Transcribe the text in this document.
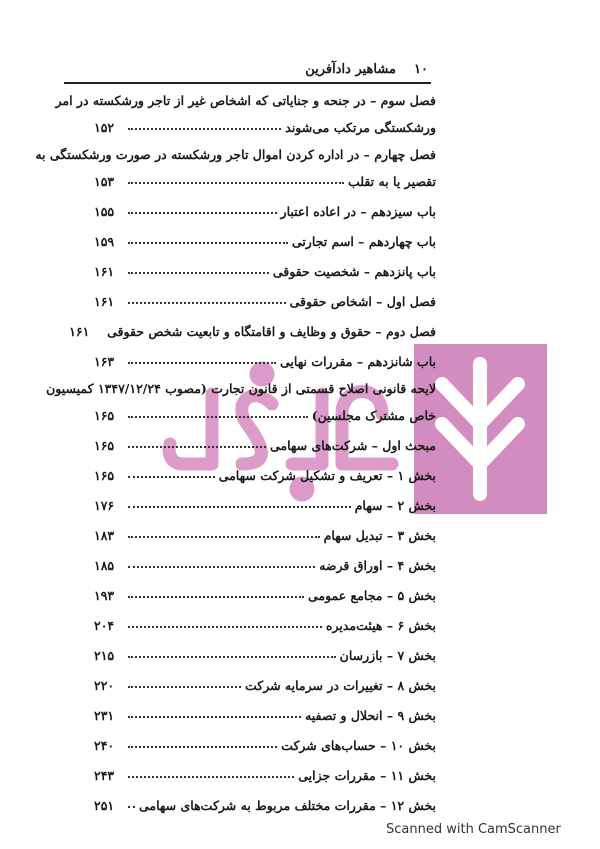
۱۰    مشاهیر دادآفرین
فصل سوم – در جنحه و جنایاتی که اشخاص غیر از تاجر ورشکسته در امر
ورشکستگی مرتکب می‌شوند
۱۵۲
فصل چهارم – در اداره کردن اموال تاجر ورشکسته در صورت ورشکستگی به
تقصیر یا به تقلب
۱۵۳
باب سیزدهم – در اعاده اعتبار
۱۵۵
باب چهاردهم – اسم تجارتی
۱۵۹
باب پانزدهم – شخصیت حقوقی
۱۶۱
فصل اول – اشخاص حقوقی
۱۶۱
فصل دوم – حقوق و وظایف و اقامتگاه و تابعیت شخص حقوقی
۱۶۱
باب شانزدهم – مقررات نهایی
۱۶۳
لایحه قانونی اصلاح قسمتی از قانون تجارت (مصوب ۱۳۴۷/۱۲/۲۴ کمیسیون
خاص مشترک مجلسین)
۱۶۵
مبحث اول – شرکت‌های سهامی
۱۶۵
بخش ۱ – تعریف و تشکیل شرکت سهامی
۱۶۵
بخش ۲ – سهام
۱۷۶
بخش ۳ – تبدیل سهام
۱۸۳
بخش ۴ – اوراق قرضه
۱۸۵
بخش ۵ – مجامع عمومی
۱۹۳
بخش ۶ – هیئت‌مدیره
۲۰۴
بخش ۷ – بازرسان
۲۱۵
بخش ۸ – تغییرات در سرمایه شرکت
۲۲۰
بخش ۹ – انحلال و تصفیه
۲۳۱
بخش ۱۰ – حساب‌های شرکت
۲۴۰
بخش ۱۱ – مقررات جزایی
۲۴۳
بخش ۱۲ – مقررات مختلف مربوط به شرکت‌های سهامی
۲۵۱
Scanned with CamScanner
